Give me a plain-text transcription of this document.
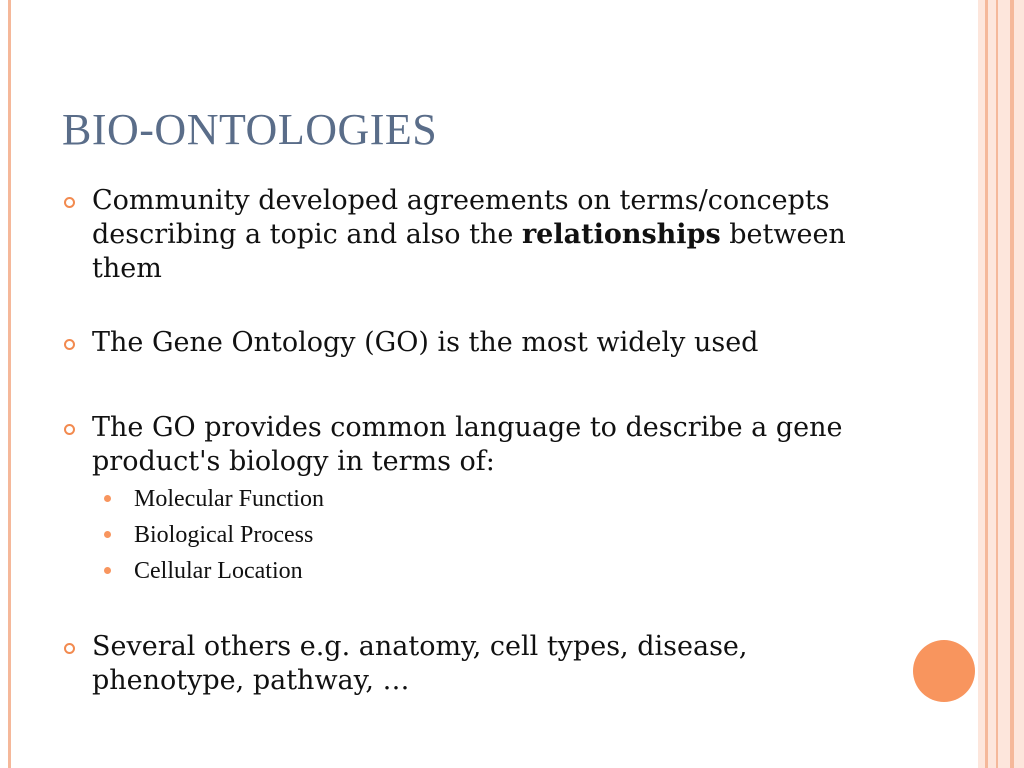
BIO-ONTOLOGIES
Community developed agreements on terms/concepts describing a topic and also the relationships between them
The Gene Ontology (GO) is the most widely used
The GO provides common language to describe a gene product's biology in terms of:
Several others e.g. anatomy, cell types, disease, phenotype, pathway, …
Molecular Function
Biological Process
Cellular Location
